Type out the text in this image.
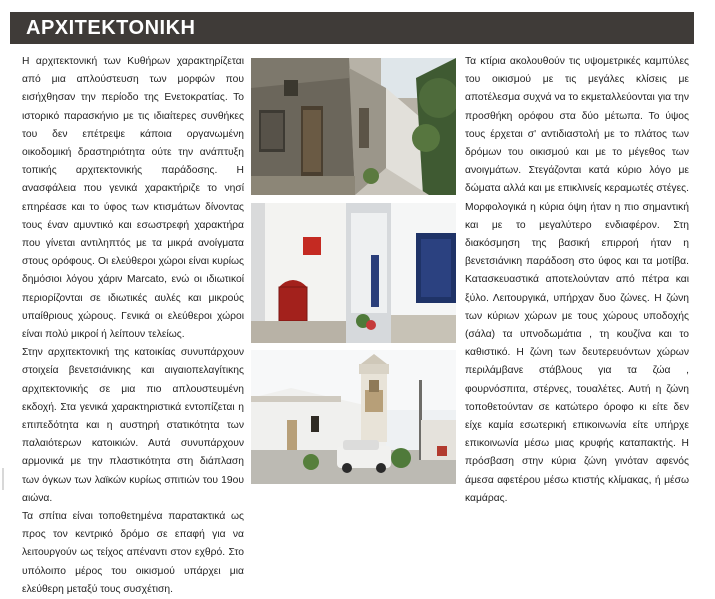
ΑΡΧΙΤΕΚΤΟΝΙΚΗ

Η αρχιτεκτονική των Κυθήρων χαρακτηρίζεται από μια απλούστευση των μορφών που εισήχθησαν την περίοδο της Ενετοκρατίας. Το ιστορικό παρασκήνιο με τις ιδιαίτερες συνθήκες του δεν επέτρεψε κάποια οργανωμένη οικοδομική δραστηριότητα ούτε την ανάπτυξη τοπικής αρχιτεκτονικής παράδοσης. Η ανασφάλεια που γενικά χαρακτήριζε το νησί επηρέασε και το ύφος των κτισμάτων δίνοντας τους έναν αμυντικό και εσωστρεφή χαρακτήρα που γίνεται αντιληπτός με τα μικρά ανοίγματα στους ορόφους. Οι ελεύθεροι χώροι είναι κυρίως δημόσιοι λόγου χάριν Marcato, ενώ οι ιδιωτικοί περιορίζονται σε ιδιωτικές αυλές και μικρούς υπαίθριους χώρους. Γενικά οι ελεύθεροι χώροι είναι πολύ μικροί ή λείπουν τελείως.

Στην αρχιτεκτονική της κατοικίας συνυπάρχουν στοιχεία βενετσιάνικης και αιγαιοπελαγίτικης αρχιτεκτονικής σε μια πιο απλουστευμένη εκδοχή. Στα γενικά χαρακτηριστικά εντοπίζεται η επιπεδότητα και η αυστηρή στατικότητα των παλαιότερων κατοικιών. Αυτά συνυπάρχουν αρμονικά με την πλαστικότητα στη διάπλαση των όγκων των λαϊκών κυρίως σπιτιών του 19ου αιώνα.

Τα σπίτια είναι τοποθετημένα παρατακτικά ως προς τον κεντρικό δρόμο σε επαφή για να λειτουργούν ως τείχος απέναντι στον εχθρό. Στο υπόλοιπο μέρος του οικισμού υπάρχει μια ελεύθερη μεταξύ τους συσχέτιση.

Τα κτίρια ακολουθούν τις υψομετρικές καμπύλες του οικισμού με τις μεγάλες κλίσεις με αποτέλεσμα συχνά να το εκμεταλλεύονται για την προσθήκη ορόφου στα δύο μέτωπα. Το ύψος τους έρχεται σ' αντιδιαστολή με το πλάτος των δρόμων του οικισμού και με το μέγεθος των ανοιγμάτων. Στεγάζονται κατά κύριο λόγο με δώματα αλλά και με επικλινείς κεραμωτές στέγες. Μορφολογικά η κύρια όψη ήταν η πιο σημαντική και με το μεγαλύτερο ενδιαφέρον. Στη διακόσμηση της βασική επιρροή ήταν η βενετσιάνικη παράδοση στο ύφος και τα μοτίβα. Κατασκευαστικά αποτελούνταν από πέτρα και ξύλο. Λειτουργικά, υπήρχαν δυο ζώνες. Η ζώνη των κύριων χώρων με τους χώρους υποδοχής (σάλα) τα υπνοδωμάτια , τη κουζίνα και το καθιστικό. Η ζώνη των δευτερευόντων χώρων περιλάμβανε στάβλους για τα ζώα , φουρνόσπιτα, στέρνες, τουαλέτες. Αυτή η ζώνη τοποθετούνταν σε κατώτερο όροφο κι είτε δεν είχε καμία εσωτερική επικοινωνία είτε υπήρχε επικοινωνία μέσω μιας κρυφής καταπακτής. Η πρόσβαση στην κύρια ζώνη γινόταν αφενός άμεσα αφετέρου μέσω κτιστής κλίμακας, ή μέσω καμάρας.
